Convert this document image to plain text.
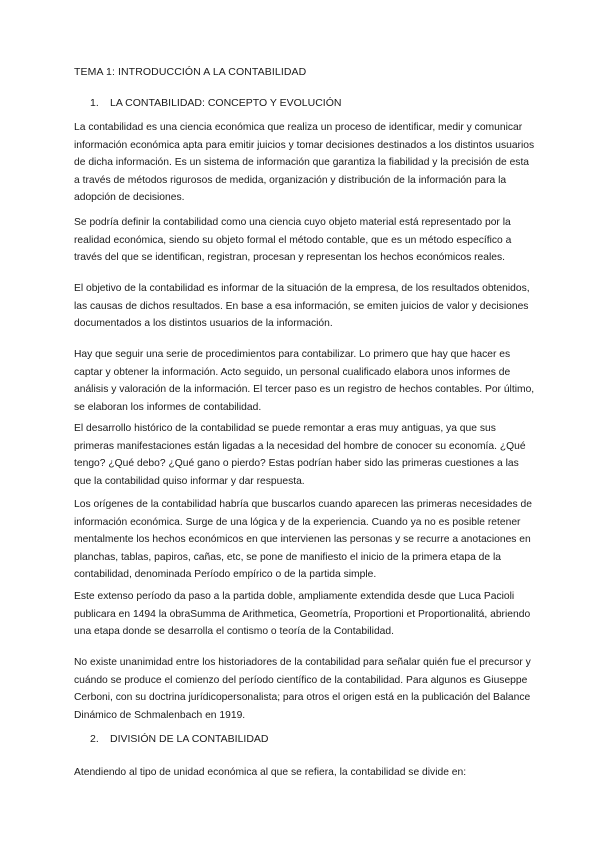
TEMA 1: INTRODUCCIÓN A LA CONTABILIDAD
1. LA CONTABILIDAD: CONCEPTO Y EVOLUCIÓN

La contabilidad es una ciencia económica que realiza un proceso de identificar, medir y comunicar información económica apta para emitir juicios y tomar decisiones destinados a los distintos usuarios de dicha información. Es un sistema de información que garantiza la fiabilidad y la precisión de esta a través de métodos rigurosos de medida, organización y distribución de la información para la adopción de decisiones.

Se podría definir la contabilidad como una ciencia cuyo objeto material está representado por la realidad económica, siendo su objeto formal el método contable, que es un método específico a través del que se identifican, registran, procesan y representan los hechos económicos reales.

El objetivo de la contabilidad es informar de la situación de la empresa, de los resultados obtenidos, las causas de dichos resultados. En base a esa información, se emiten juicios de valor y decisiones documentados a los distintos usuarios de la información.

Hay que seguir una serie de procedimientos para contabilizar. Lo primero que hay que hacer es captar y obtener la información. Acto seguido, un personal cualificado elabora unos informes de análisis y valoración de la información. El tercer paso es un registro de hechos contables. Por último, se elaboran los informes de contabilidad.

El desarrollo histórico de la contabilidad se puede remontar a eras muy antiguas, ya que sus primeras manifestaciones están ligadas a la necesidad del hombre de conocer su economía. ¿Qué tengo? ¿Qué debo? ¿Qué gano o pierdo? Estas podrían haber sido las primeras cuestiones a las que la contabilidad quiso informar y dar respuesta.

Los orígenes de la contabilidad habría que buscarlos cuando aparecen las primeras necesidades de información económica. Surge de una lógica y de la experiencia. Cuando ya no es posible retener mentalmente los hechos económicos en que intervienen las personas y se recurre a anotaciones en planchas, tablas, papiros, cañas, etc, se pone de manifiesto el inicio de la primera etapa de la contabilidad, denominada Período empírico o de la partida simple.

Este extenso período da paso a la partida doble, ampliamente extendida desde que Luca Pacioli publicara en 1494 la obraSumma de Arithmetica, Geometría, Proportioni et Proportionalitá, abriendo una etapa donde se desarrolla el contismo o teoría de la Contabilidad.

No existe unanimidad entre los historiadores de la contabilidad para señalar quién fue el precursor y cuándo se produce el comienzo del período científico de la contabilidad. Para algunos es Giuseppe Cerboni, con su doctrina jurídicopersonalista; para otros el origen está en la publicación del Balance Dinámico de Schmalenbach en 1919.

2. DIVISIÓN DE LA CONTABILIDAD

Atendiendo al tipo de unidad económica al que se refiera, la contabilidad se divide en:
